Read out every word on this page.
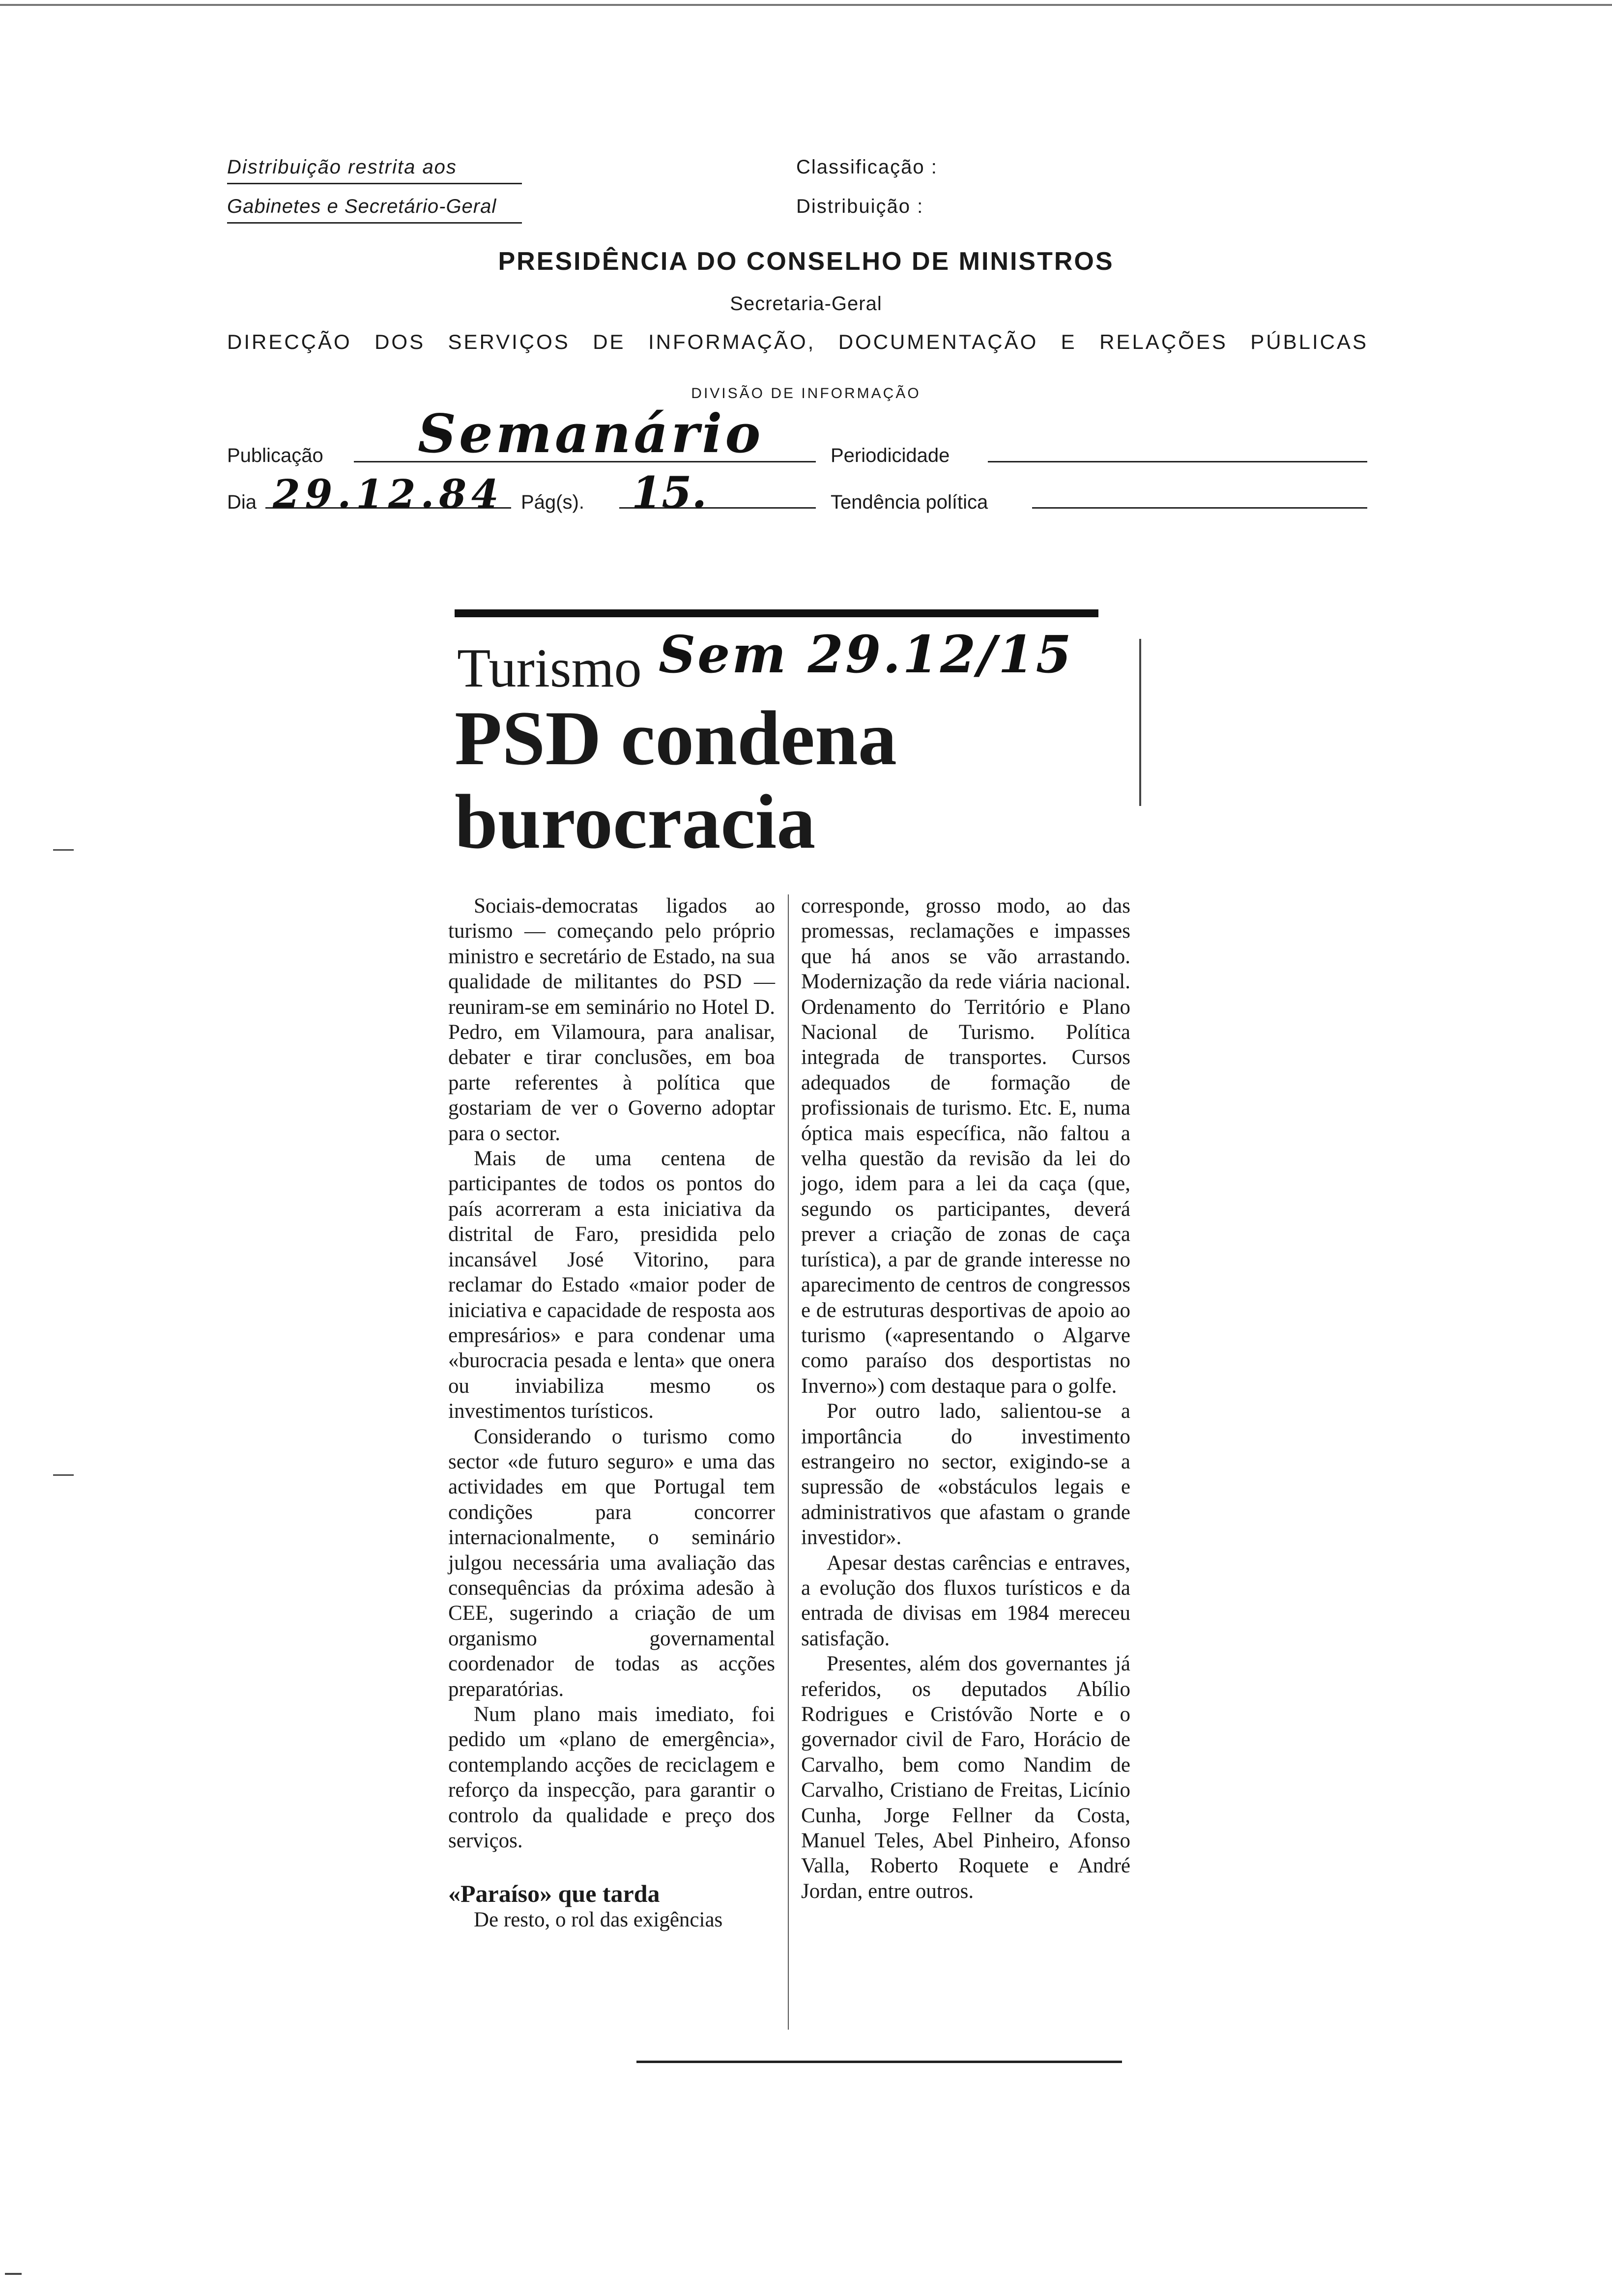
Distribuição restrita aos
Gabinetes e Secretário-Geral
Classificação :
Distribuição :
PRESIDÊNCIA DO CONSELHO DE MINISTROS
Secretaria-Geral
DIRECÇÃO DOS SERVIÇOS DE INFORMAÇÃO, DOCUMENTAÇÃO E RELAÇÕES PÚBLICAS
DIVISÃO DE INFORMAÇÃO
Publicação Semanário	Periodicidade
Dia 29.12.84 Pág(s). 15.	Tendência política
Turismo Sem 29.12/15
PSD condena
burocracia

Sociais-democratas ligados ao turismo — começando pelo próprio ministro e secretário de Estado, na sua qualidade de militantes do PSD — reuniram-se em seminário no Hotel D. Pedro, em Vilamoura, para analisar, debater e tirar conclusões, em boa parte referentes à política que gostariam de ver o Governo adoptar para o sector.

Mais de uma centena de participantes de todos os pontos do país acorreram a esta iniciativa da distrital de Faro, presidida pelo incansável José Vitorino, para reclamar do Estado «maior poder de iniciativa e capacidade de resposta aos empresários» e para condenar uma «burocracia pesada e lenta» que onera ou inviabiliza mesmo os investimentos turísticos.

Considerando o turismo como sector «de futuro seguro» e uma das actividades em que Portugal tem condições para concorrer internacionalmente, o seminário julgou necessária uma avaliação das consequências da próxima adesão à CEE, sugerindo a criação de um organismo governamental coordenador de todas as acções preparatórias.

Num plano mais imediato, foi pedido um «plano de emergência», contemplando acções de reciclagem e reforço da inspecção, para garantir o controlo da qualidade e preço dos serviços.

«Paraíso» que tarda

De resto, o rol das exigências

corresponde, grosso modo, ao das promessas, reclamações e impasses que há anos se vão arrastando. Modernização da rede viária nacional. Ordenamento do Território e Plano Nacional de Turismo. Política integrada de transportes. Cursos adequados de formação de profissionais de turismo. Etc. E, numa óptica mais específica, não faltou a velha questão da revisão da lei do jogo, idem para a lei da caça (que, segundo os participantes, deverá prever a criação de zonas de caça turística), a par de grande interesse no aparecimento de centros de congressos e de estruturas desportivas de apoio ao turismo («apresentando o Algarve como paraíso dos desportistas no Inverno») com destaque para o golfe.

Por outro lado, salientou-se a importância do investimento estrangeiro no sector, exigindo-se a supressão de «obstáculos legais e administrativos que afastam o grande investidor».

Apesar destas carências e entraves, a evolução dos fluxos turísticos e da entrada de divisas em 1984 mereceu satisfação.

Presentes, além dos governantes já referidos, os deputados Abílio Rodrigues e Cristóvão Norte e o governador civil de Faro, Horácio de Carvalho, bem como Nandim de Carvalho, Cristiano de Freitas, Licínio Cunha, Jorge Fellner da Costa, Manuel Teles, Abel Pinheiro, Afonso Valla, Roberto Roquete e André Jordan, entre outros.
